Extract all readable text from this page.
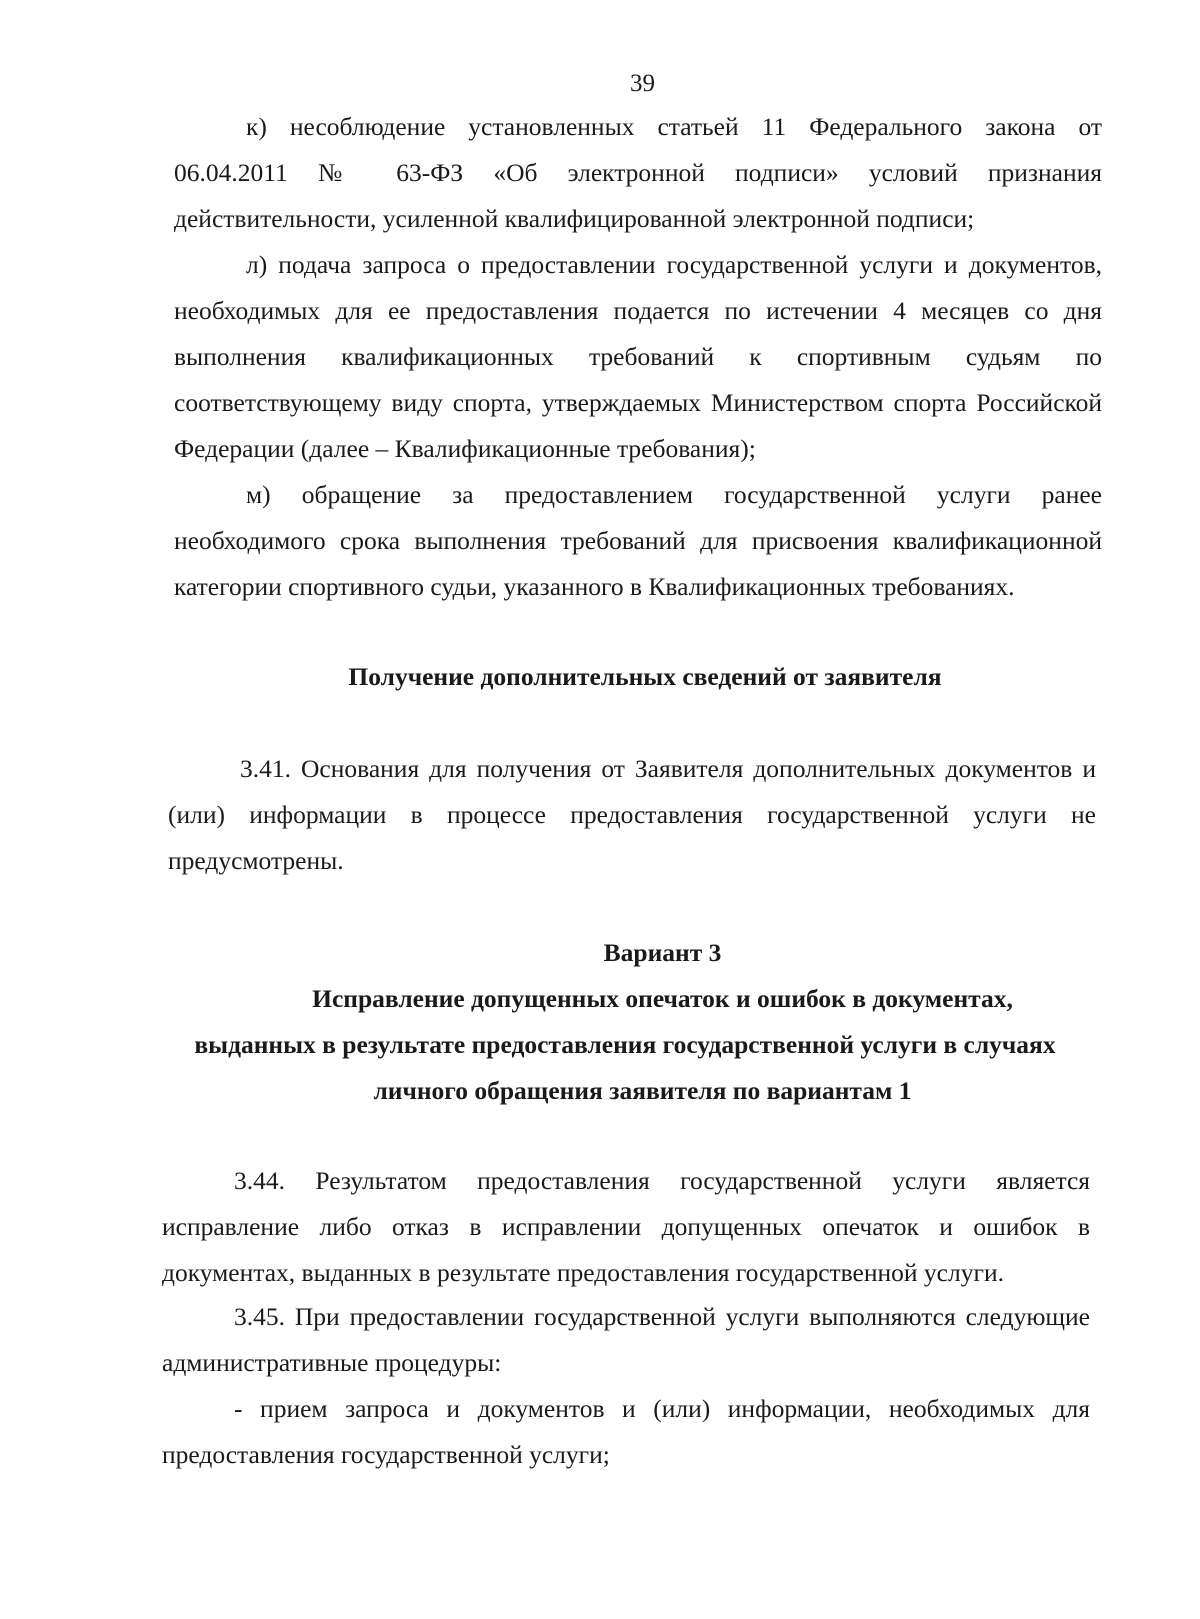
39

к) несоблюдение установленных статьей 11 Федерального закона от 06.04.2011 № 63-ФЗ «Об электронной подписи» условий признания действительности, усиленной квалифицированной электронной подписи;

л) подача запроса о предоставлении государственной услуги и документов, необходимых для ее предоставления подается по истечении 4 месяцев со дня выполнения квалификационных требований к спортивным судьям по соответствующему виду спорта, утверждаемых Министерством спорта Российской Федерации (далее – Квалификационные требования);

м) обращение за предоставлением государственной услуги ранее необходимого срока выполнения требований для присвоения квалификационной категории спортивного судьи, указанного в Квалификационных требованиях.

Получение дополнительных сведений от заявителя

3.41. Основания для получения от Заявителя дополнительных документов и (или) информации в процессе предоставления государственной услуги не предусмотрены.

Вариант 3
Исправление допущенных опечаток и ошибок в документах,
выданных в результате предоставления государственной услуги в случаях
личного обращения заявителя по вариантам 1

3.44. Результатом предоставления государственной услуги является исправление либо отказ в исправлении допущенных опечаток и ошибок в документах, выданных в результате предоставления государственной услуги.

3.45. При предоставлении государственной услуги выполняются следующие административные процедуры:

- прием запроса и документов и (или) информации, необходимых для предоставления государственной услуги;
